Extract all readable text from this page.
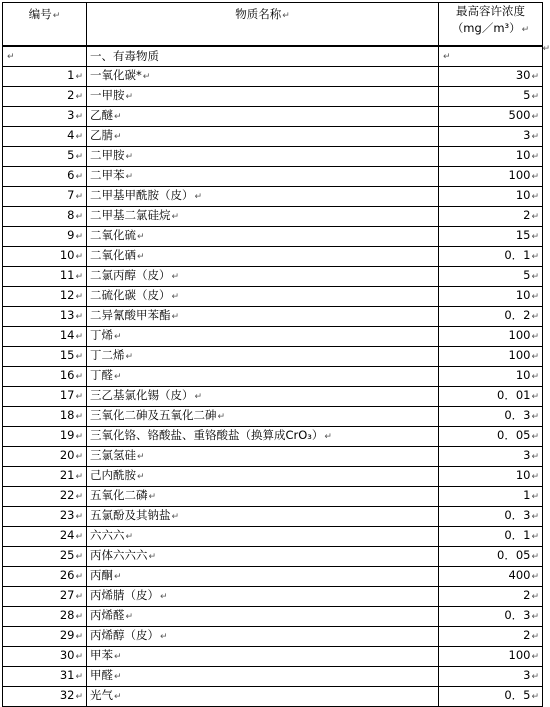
编号↵	物质名称↵	最高容许浓度
（mg／m³）↵

↵	一、有毒物质	↵
1↵	一氧化碳*↵	30↵
2↵	一甲胺↵	5↵
3↵	乙醚↵	500↵
4↵	乙腈↵	3↵
5↵	二甲胺↵	10↵
6↵	二甲苯↵	100↵
7↵	二甲基甲酰胺（皮）↵	10↵
8↵	二甲基二氯硅烷↵	2↵
9↵	二氧化硫↵	15↵
10↵	二氧化硒↵	0．1↵
11↵	二氯丙醇（皮）↵	5↵
12↵	二硫化碳（皮）↵	10↵
13↵	二异氰酸甲苯酯↵	0．2↵
14↵	丁烯↵	100↵
15↵	丁二烯↵	100↵
16↵	丁醛↵	10↵
17↵	三乙基氯化锡（皮）↵	0．01↵
18↵	三氧化二砷及五氧化二砷↵	0．3↵
19↵	三氧化铬、铬酸盐、重铬酸盐（换算成CrO₃）↵	0．05↵
20↵	三氯氢硅↵	3↵
21↵	己内酰胺↵	10↵
22↵	五氧化二磷↵	1↵
23↵	五氯酚及其钠盐↵	0．3↵
24↵	六六六↵	0．1↵
25↵	丙体六六六↵	0．05↵
26↵	丙酮↵	400↵
27↵	丙烯腈（皮）↵	2↵
28↵	丙烯醛↵	0．3↵
29↵	丙烯醇（皮）↵	2↵
30↵	甲苯↵	100↵
31↵	甲醛↵	3↵
32↵	光气↵	0．5↵
↵
